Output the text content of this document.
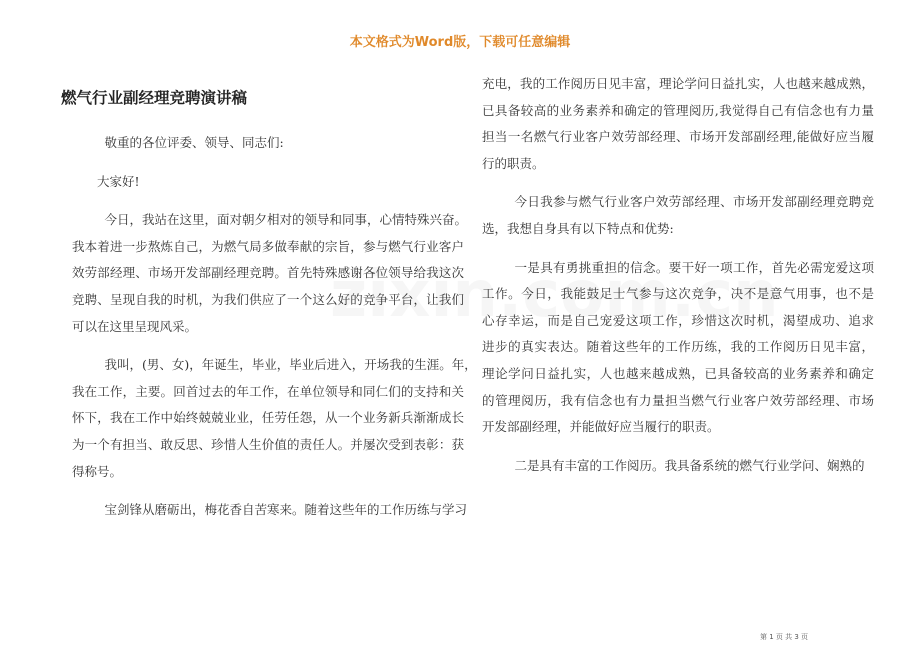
本文格式为Word版，下载可任意编辑
燃气行业副经理竞聘演讲稿

敬重的各位评委、领导、同志们:

大家好!

今日，我站在这里，面对朝夕相对的领导和同事，心情特殊兴奋。

我本着进一步熬炼自己，为燃气局多做奉献的宗旨，参与燃气行业客户

效劳部经理、市场开发部副经理竞聘。首先特殊感谢各位领导给我这次

竞聘、呈现自我的时机，为我们供应了一个这么好的竞争平台，让我们

可以在这里呈现风采。

我叫，(男、女)，年诞生，毕业，毕业后进入，开场我的生涯。年，

我在工作，主要。回首过去的年工作，在单位领导和同仁们的支持和关

怀下，我在工作中始终兢兢业业，任劳任怨，从一个业务新兵渐渐成长

为一个有担当、敢反思、珍惜人生价值的责任人。并屡次受到表彰：获

得称号。

宝剑锋从磨砺出，梅花香自苦寒来。随着这些年的工作历练与学习

充电，我的工作阅历日见丰富，理论学问日益扎实，人也越来越成熟，

已具备较高的业务素养和确定的管理阅历,我觉得自己有信念也有力量

担当一名燃气行业客户效劳部经理、市场开发部副经理,能做好应当履

行的职责。

今日我参与燃气行业客户效劳部经理、市场开发部副经理竞聘竞

选，我想自身具有以下特点和优势:

一是具有勇挑重担的信念。要干好一项工作，首先必需宠爱这项

工作。今日，我能鼓足士气参与这次竞争，决不是意气用事，也不是

心存幸运，而是自己宠爱这项工作，珍惜这次时机，渴望成功、追求

进步的真实表达。随着这些年的工作历练，我的工作阅历日见丰富，

理论学问日益扎实，人也越来越成熟，已具备较高的业务素养和确定

的管理阅历，我有信念也有力量担当燃气行业客户效劳部经理、市场

开发部副经理，并能做好应当履行的职责。

二是具有丰富的工作阅历。我具备系统的燃气行业学问、娴熟的

第 1 页 共 3 页
